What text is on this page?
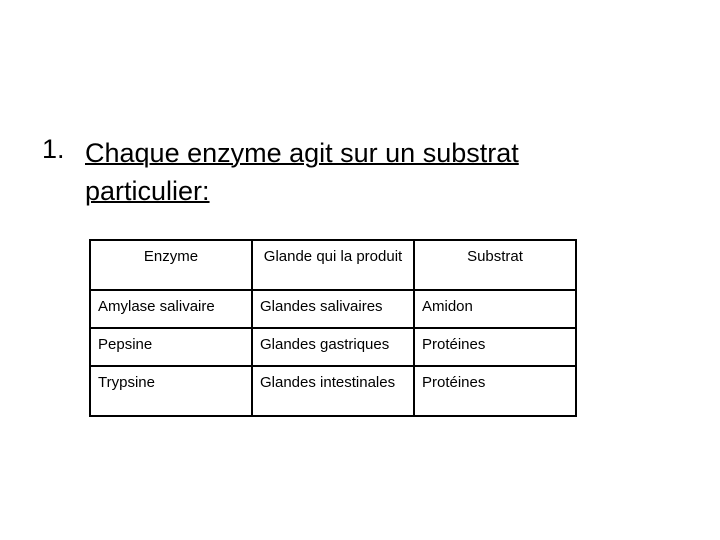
1. Chaque enzyme agit sur un substrat particulier:
Enzyme	Glande qui la produit	Substrat
Amylase salivaire	Glandes salivaires	Amidon
Pepsine	Glandes gastriques	Protéines
Trypsine	Glandes intestinales	Protéines
